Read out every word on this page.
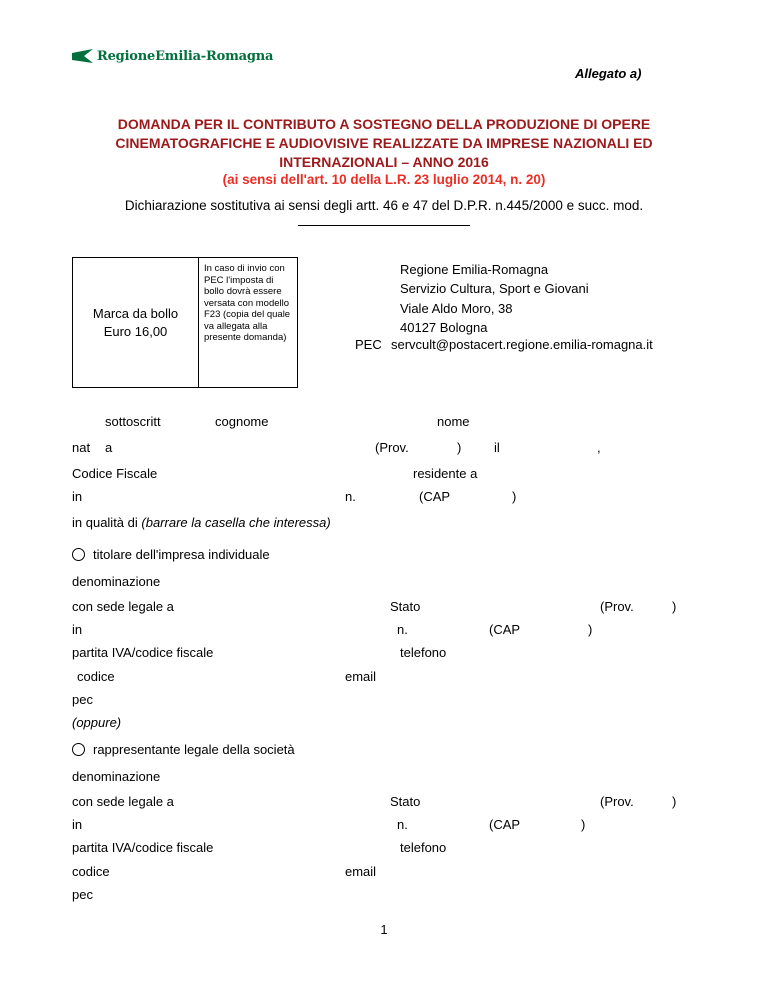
RegioneEmilia-Romagna
Allegato a)
DOMANDA PER IL CONTRIBUTO A SOSTEGNO DELLA PRODUZIONE DI OPERE
CINEMATOGRAFICHE E AUDIOVISIVE REALIZZATE DA IMPRESE NAZIONALI ED
INTERNAZIONALI – ANNO 2016
(ai sensi dell'art. 10 della L.R. 23 luglio 2014, n. 20)
Dichiarazione sostitutiva ai sensi degli artt. 46 e 47 del D.P.R. n.445/2000 e succ. mod.
Marca da bollo
Euro 16,00
In caso di invio con PEC l'imposta di bollo dovrà essere versata con modello F23 (copia del quale va allegata alla presente domanda)
Regione Emilia-Romagna
Servizio Cultura, Sport e Giovani
Viale Aldo Moro, 38
40127 Bologna
PEC servcult@postacert.regione.emilia-romagna.it
sottoscritt	cognome	nome
nat a	(Prov.	)	il	,
Codice Fiscale	residente a
in	n.	(CAP	)
in qualità di (barrare la casella che interessa)
titolare dell'impresa individuale
denominazione
con sede legale a	Stato	(Prov.	)
in	n.	(CAP	)
partita IVA/codice fiscale	telefono
codice	email
pec
(oppure)
rappresentante legale della società
denominazione
con sede legale a	Stato	(Prov.	)
in	n.	(CAP	)
partita IVA/codice fiscale	telefono
codice	email
pec
1
